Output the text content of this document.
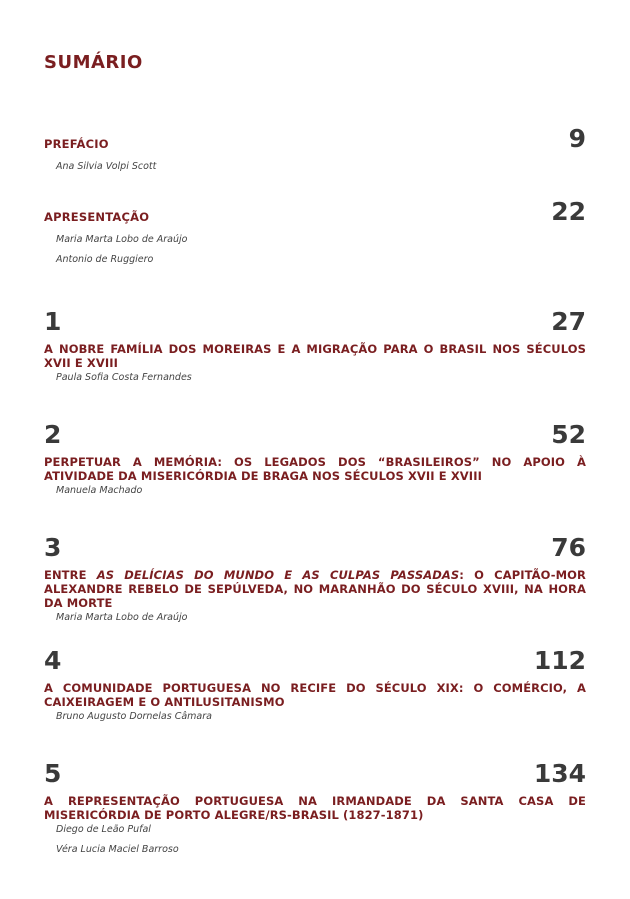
SUMÁRIO
PREFÁCIO	9
Ana Silvia Volpi Scott
APRESENTAÇÃO	22
Maria Marta Lobo de Araújo
Antonio de Ruggiero
1	27
A NOBRE FAMÍLIA DOS MOREIRAS E A MIGRAÇÃO PARA O BRASIL NOS SÉCULOS XVII E XVIII
Paula Sofia Costa Fernandes
2	52
PERPETUAR A MEMÓRIA: OS LEGADOS DOS “BRASILEIROS” NO APOIO À ATIVIDADE DA MISERICÓRDIA DE BRAGA NOS SÉCULOS XVII E XVIII
Manuela Machado
3	76
ENTRE AS DELÍCIAS DO MUNDO E AS CULPAS PASSADAS: O CAPITÃO-MOR ALEXANDRE REBELO DE SEPÚLVEDA, NO MARANHÃO DO SÉCULO XVIII, NA HORA DA MORTE
Maria Marta Lobo de Araújo
4	112
A COMUNIDADE PORTUGUESA NO RECIFE DO SÉCULO XIX: O COMÉRCIO, A CAIXEIRAGEM E O ANTILUSITANISMO
Bruno Augusto Dornelas Câmara
5	134
A REPRESENTAÇÃO PORTUGUESA NA IRMANDADE DA SANTA CASA DE MISERICÓRDIA DE PORTO ALEGRE/RS-BRASIL (1827-1871)
Diego de Leão Pufal
Véra Lucia Maciel Barroso
